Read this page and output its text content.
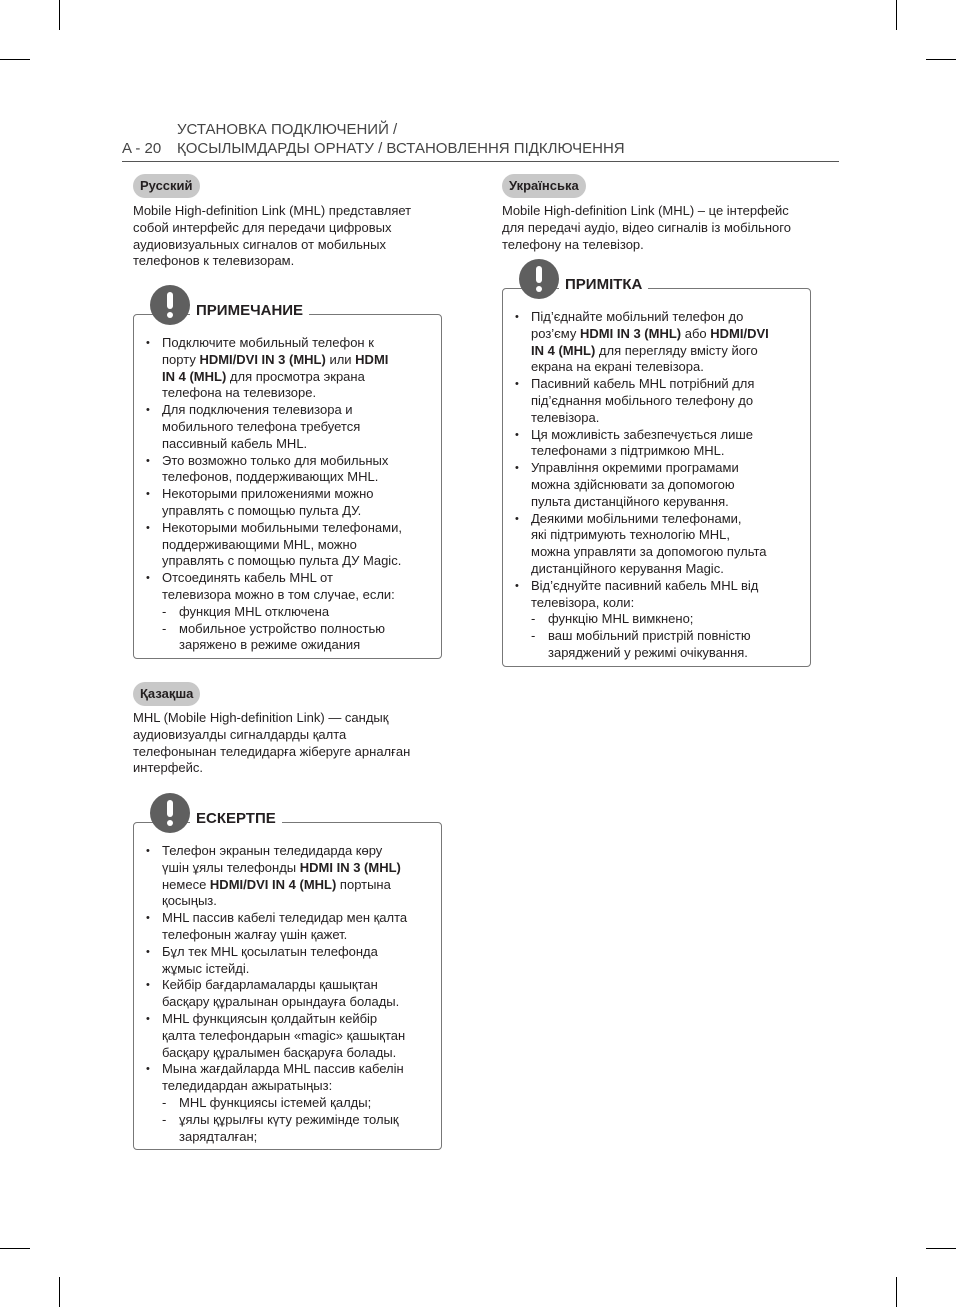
A - 20
УСТАНОВКА ПОДКЛЮЧЕНИЙ /
ҚОСЫЛЫМДАРДЫ ОРНАТУ / ВСТАНОВЛЕННЯ ПІДКЛЮЧЕННЯ
Русский
Mobile High-definition Link (MHL) представляет
собой интерфейс для передачи цифровых
аудиовизуальных сигналов от мобильных
телефонов к телевизорам.
ПРИМЕЧАНИЕ
• Подключите мобильный телефон к
порту HDMI/DVI IN 3 (MHL) или HDMI
IN 4 (MHL) для просмотра экрана
телефона на телевизоре.
• Для подключения телевизора и
мобильного телефона требуется
пассивный кабель MHL.
• Это возможно только для мобильных
телефонов, поддерживающих MHL.
• Некоторыми приложениями можно
управлять с помощью пульта ДУ.
• Некоторыми мобильными телефонами,
поддерживающими MHL, можно
управлять с помощью пульта ДУ Magic.
• Отсоединять кабель MHL от
телевизора можно в том случае, если:
- функция MHL отключена
- мобильное устройство полностью
заряжено в режиме ожидания
Қазақша
MHL (Mobile High-definition Link) — сандық
аудиовизуалды сигналдарды қалта
телефонынан теледидарға жіберуге арналған
интерфейс.
ЕСКЕРТПЕ
• Телефон экранын теледидарда көру
үшін ұялы телефонды HDMI IN 3 (MHL)
немесе HDMI/DVI IN 4 (MHL) портына
қосыңыз.
• MHL пассив кабелі теледидар мен қалта
телефонын жалғау үшін қажет.
• Бұл тек MHL қосылатын телефонда
жұмыс істейді.
• Кейбір бағдарламаларды қашықтан
басқару құралынан орындауға болады.
• MHL функциясын қолдайтын кейбір
қалта телефондарын «magic» қашықтан
басқару құралымен басқаруға болады.
• Мына жағдайларда MHL пассив кабелін
теледидардан ажыратыңыз:
- MHL функциясы істемей қалды;
- ұялы құрылғы күту режимінде толық
зарядталған;
Українська
Mobile High-definition Link (MHL) – це інтерфейс
для передачі аудіо, відео сигналів із мобільного
телефону на телевізор.
ПРИМІТКА
• Під’єднайте мобільний телефон до
роз’єму HDMI IN 3 (MHL) або HDMI/DVI
IN 4 (MHL) для перегляду вмісту його
екрана на екрані телевізора.
• Пасивний кабель MHL потрібний для
під’єднання мобільного телефону до
телевізора.
• Ця можливість забезпечується лише
телефонами з підтримкою MHL.
• Управління окремими програмами
можна здійснювати за допомогою
пульта дистанційного керування.
• Деякими мобільними телефонами,
які підтримують технологію MHL,
можна управляти за допомогою пульта
дистанційного керування Magic.
• Від’єднуйте пасивний кабель MHL від
телевізора, коли:
- функцію MHL вимкнено;
- ваш мобільний пристрій повністю
заряджений у режимі очікування.
